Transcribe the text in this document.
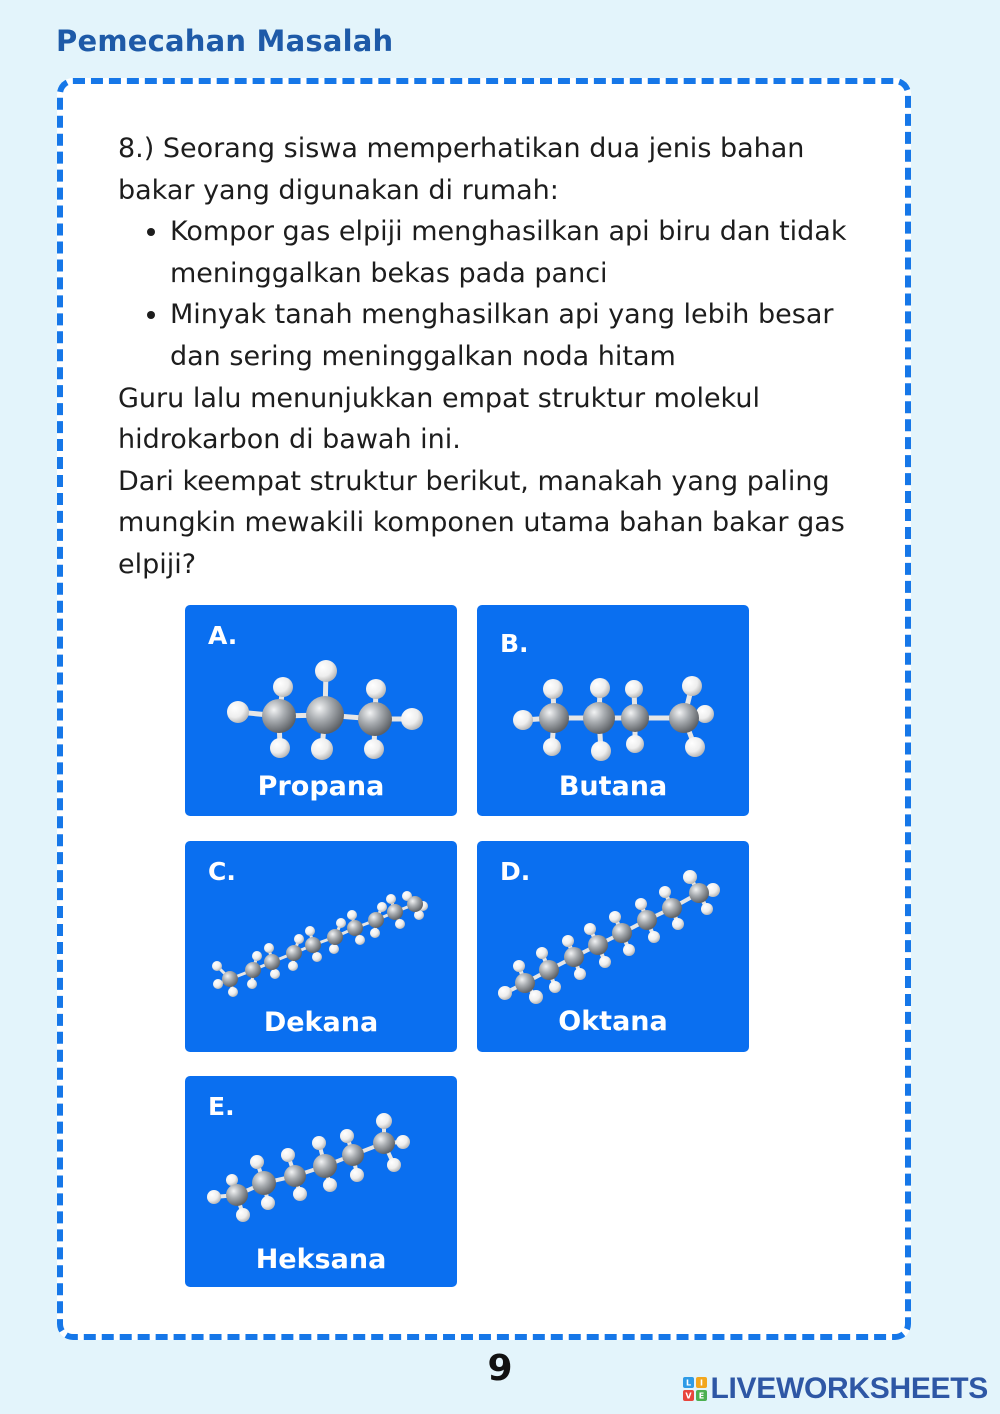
Pemecahan Masalah

8.) Seorang siswa memperhatikan dua jenis bahan bakar yang digunakan di rumah:

• Kompor gas elpiji menghasilkan api biru dan tidak meninggalkan bekas pada panci
• Minyak tanah menghasilkan api yang lebih besar dan sering meninggalkan noda hitam

Guru lalu menunjukkan empat struktur molekul hidrokarbon di bawah ini.

Dari keempat struktur berikut, manakah yang paling mungkin mewakili komponen utama bahan bakar gas elpiji?

A.
Propana
B.
Butana
C.
Dekana
D.
Oktana
E.
Heksana
9	L I
V E LIVEWORKSHEETS
